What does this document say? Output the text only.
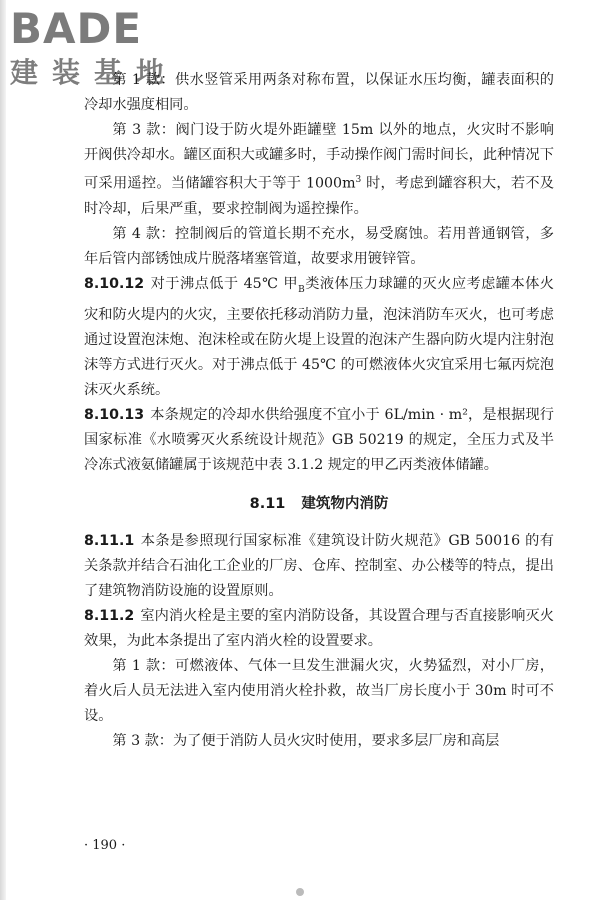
BADE
建装基地
第 1 款：供水竖管采用两条对称布置，以保证水压均衡，罐表面积的冷却水强度相同。
第 3 款：阀门设于防火堤外距罐壁 15m 以外的地点，火灾时不影响开阀供冷却水。罐区面积大或罐多时，手动操作阀门需时间长，此种情况下可采用遥控。当储罐容积大于等于 $1000m^3$ 时，考虑到罐容积大，若不及时冷却，后果严重，要求控制阀为遥控操作。
第 4 款：控制阀后的管道长期不充水，易受腐蚀。若用普通钢管，多年后管内部锈蚀成片脱落堵塞管道，故要求用镀锌管。
8.10.12 对于沸点低于 45℃ 甲$_B$类液体压力球罐的灭火应考虑罐本体火灾和防火堤内的火灾，主要依托移动消防力量，泡沫消防车灭火，也可考虑通过设置泡沫炮、泡沫栓或在防火堤上设置的泡沫产生器向防火堤内注射泡沫等方式进行灭火。对于沸点低于 45℃ 的可燃液体火灾宜采用七氟丙烷泡沫灭火系统。
8.10.13 本条规定的冷却水供给强度不宜小于 6L/min · m²，是根据现行国家标准《水喷雾灭火系统设计规范》GB 50219 的规定，全压力式及半冷冻式液氨储罐属于该规范中表 3.1.2 规定的甲乙丙类液体储罐。
8.11 建筑物内消防
8.11.1 本条是参照现行国家标准《建筑设计防火规范》GB 50016 的有关条款并结合石油化工企业的厂房、仓库、控制室、办公楼等的特点，提出了建筑物消防设施的设置原则。
8.11.2 室内消火栓是主要的室内消防设备，其设置合理与否直接影响灭火效果，为此本条提出了室内消火栓的设置要求。
第 1 款：可燃液体、气体一旦发生泄漏火灾，火势猛烈，对小厂房，着火后人员无法进入室内使用消火栓扑救，故当厂房长度小于 30m 时可不设。
第 3 款：为了便于消防人员火灾时使用，要求多层厂房和高层
· 190 ·
